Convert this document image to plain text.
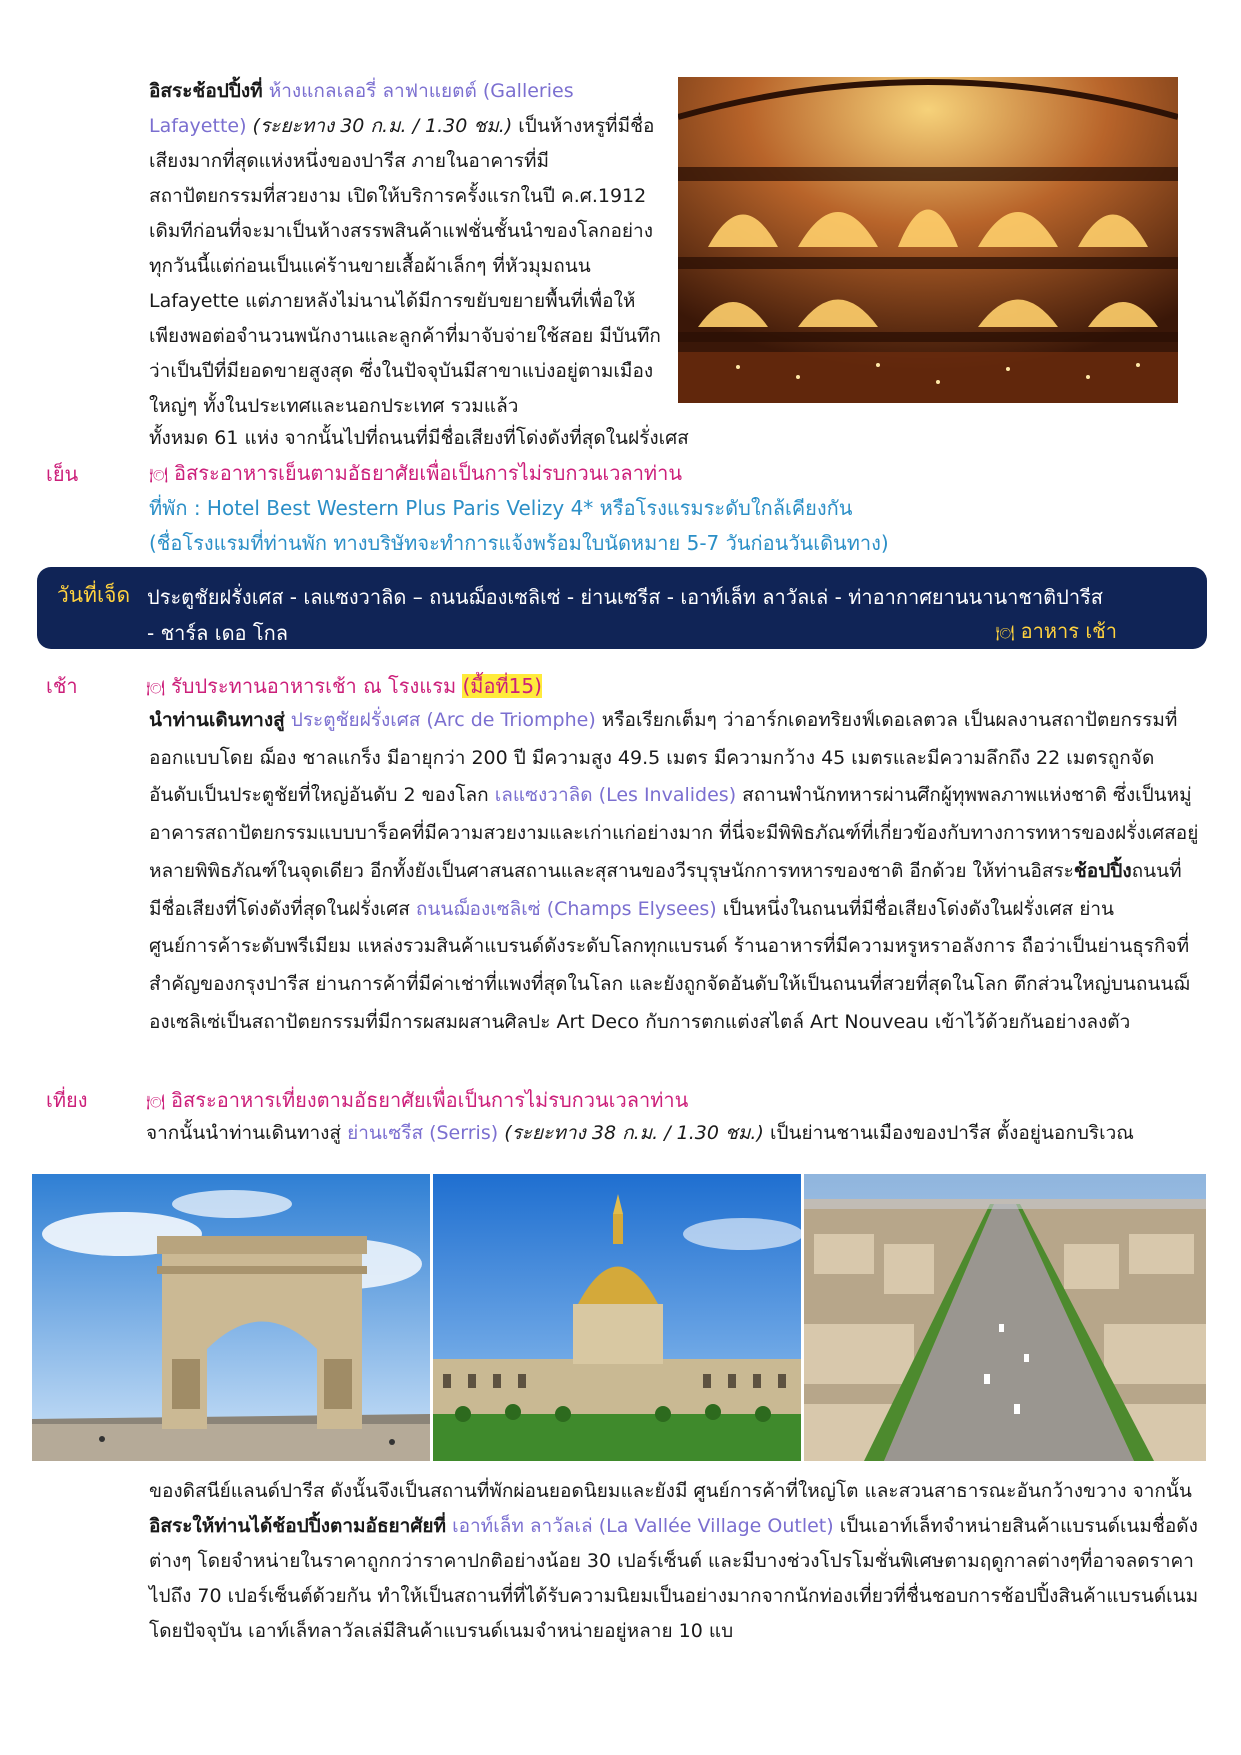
อิสระช้อปปิ้งที่ ห้างแกลเลอรี่ ลาฟาแยตต์ (Galleries Lafayette) (ระยะทาง 30 ก.ม. / 1.30 ชม.) เป็นห้างหรูที่มีชื่อเสียงมากที่สุดแห่งหนึ่งของปารีส ภายในอาคารที่มีสถาปัตยกรรมที่สวยงาม เปิดให้บริการครั้งแรกในปี ค.ศ.1912 เดิมทีก่อนที่จะมาเป็นห้างสรรพสินค้าแฟชั่นชั้นนำของโลกอย่างทุกวันนี้แต่ก่อนเป็นแค่ร้านขายเสื้อผ้าเล็กๆ ที่หัวมุมถนน Lafayette แต่ภายหลังไม่นานได้มีการขยับขยายพื้นที่เพื่อให้เพียงพอต่อจำนวนพนักงานและลูกค้าที่มาจับจ่ายใช้สอย มีบันทึกว่าเป็นปีที่มียอดขายสูงสุด ซึ่งในปัจจุบันมีสาขาแบ่งอยู่ตามเมืองใหญ่ๆ ทั้งในประเทศและนอกประเทศ รวมแล้ว
ทั้งหมด 61 แห่ง จากนั้นไปที่ถนนที่มีชื่อเสียงที่โด่งดังที่สุดในฝรั่งเศส
เย็น	🍽 อิสระอาหารเย็นตามอัธยาศัยเพื่อเป็นการไม่รบกวนเวลาท่าน
ที่พัก : Hotel Best Western Plus Paris Velizy 4* หรือโรงแรมระดับใกล้เคียงกัน
(ชื่อโรงแรมที่ท่านพัก ทางบริษัทจะทำการแจ้งพร้อมใบนัดหมาย 5-7 วันก่อนวันเดินทาง)
วันที่เจ็ด ประตูชัยฝรั่งเศส - เลแซงวาลิด – ถนนฌ็องเซลิเซ่ - ย่านเซรีส - เอาท์เล็ท ลาวัลเล่ - ท่าอากาศยานนานาชาติปารีส
- ชาร์ล เดอ โกล	🍽 อาหาร เช้า
เช้า	🍽 รับประทานอาหารเช้า ณ โรงแรม (มื้อที่15)
นำท่านเดินทางสู่ ประตูชัยฝรั่งเศส (Arc de Triomphe) หรือเรียกเต็มๆ ว่าอาร์กเดอทริยงฟ์เดอเลตวล เป็นผลงานสถาปัตยกรรมที่ออกแบบโดย ฌ็อง ชาลแกร็ง มีอายุกว่า 200 ปี มีความสูง 49.5 เมตร มีความกว้าง 45 เมตรและมีความลึกถึง 22 เมตรถูกจัดอันดับเป็นประตูชัยที่ใหญ่อันดับ 2 ของโลก เลแซงวาลิด (Les Invalides) สถานพำนักทหารผ่านศึกผู้ทุพพลภาพแห่งชาติ ซึ่งเป็นหมู่อาคารสถาปัตยกรรมแบบบาร็อคที่มีความสวยงามและเก่าแก่อย่างมาก ที่นี่จะมีพิพิธภัณฑ์ที่เกี่ยวข้องกับทางการทหารของฝรั่งเศสอยู่หลายพิพิธภัณฑ์ในจุดเดียว อีกทั้งยังเป็นศาสนสถานและสุสานของวีรบุรุษนักการทหารของชาติ อีกด้วย ให้ท่านอิสระช้อปปิ้งถนนที่มีชื่อเสียงที่โด่งดังที่สุดในฝรั่งเศส ถนนฌ็องเซลิเซ่ (Champs Elysees) เป็นหนึ่งในถนนที่มีชื่อเสียงโด่งดังในฝรั่งเศส ย่านศูนย์การค้าระดับพรีเมียม แหล่งรวมสินค้าแบรนด์ดังระดับโลกทุกแบรนด์ ร้านอาหารที่มีความหรูหราอลังการ ถือว่าเป็นย่านธุรกิจที่สำคัญของกรุงปารีส ย่านการค้าที่มีค่าเช่าที่แพงที่สุดในโลก และยังถูกจัดอันดับให้เป็นถนนที่สวยที่สุดในโลก ตึกส่วนใหญ่บนถนนฌ็องเซลิเซ่เป็นสถาปัตยกรรมที่มีการผสมผสานศิลปะ Art Deco กับการตกแต่งสไตล์ Art Nouveau เข้าไว้ด้วยกันอย่างลงตัว
เที่ยง	🍽 อิสระอาหารเที่ยงตามอัธยาศัยเพื่อเป็นการไม่รบกวนเวลาท่าน
จากนั้นนำท่านเดินทางสู่ ย่านเซรีส (Serris) (ระยะทาง 38 ก.ม. / 1.30 ชม.) เป็นย่านชานเมืองของปารีส ตั้งอยู่นอกบริเวณ
ของดิสนีย์แลนด์ปารีส ดังนั้นจึงเป็นสถานที่พักผ่อนยอดนิยมและยังมี ศูนย์การค้าที่ใหญ่โต และสวนสาธารณะอันกว้างขวาง จากนั้นอิสระให้ท่านได้ช้อปปิ้งตามอัธยาศัยที่ เอาท์เล็ท ลาวัลเล่ (La Vallée Village Outlet) เป็นเอาท์เล็ทจำหน่ายสินค้าแบรนด์เนมชื่อดังต่างๆ โดยจำหน่ายในราคาถูกกว่าราคาปกติอย่างน้อย 30 เปอร์เซ็นต์ และมีบางช่วงโปรโมชั่นพิเศษตามฤดูกาลต่างๆที่อาจลดราคาไปถึง 70 เปอร์เซ็นต์ด้วยกัน ทำให้เป็นสถานที่ที่ได้รับความนิยมเป็นอย่างมากจากนักท่องเที่ยวที่ชื่นชอบการช้อปปิ้งสินค้าแบรนด์เนม โดยปัจจุบัน เอาท์เล็ทลาวัลเล่มีสินค้าแบรนด์เนมจำหน่ายอยู่หลาย 10 แบ
